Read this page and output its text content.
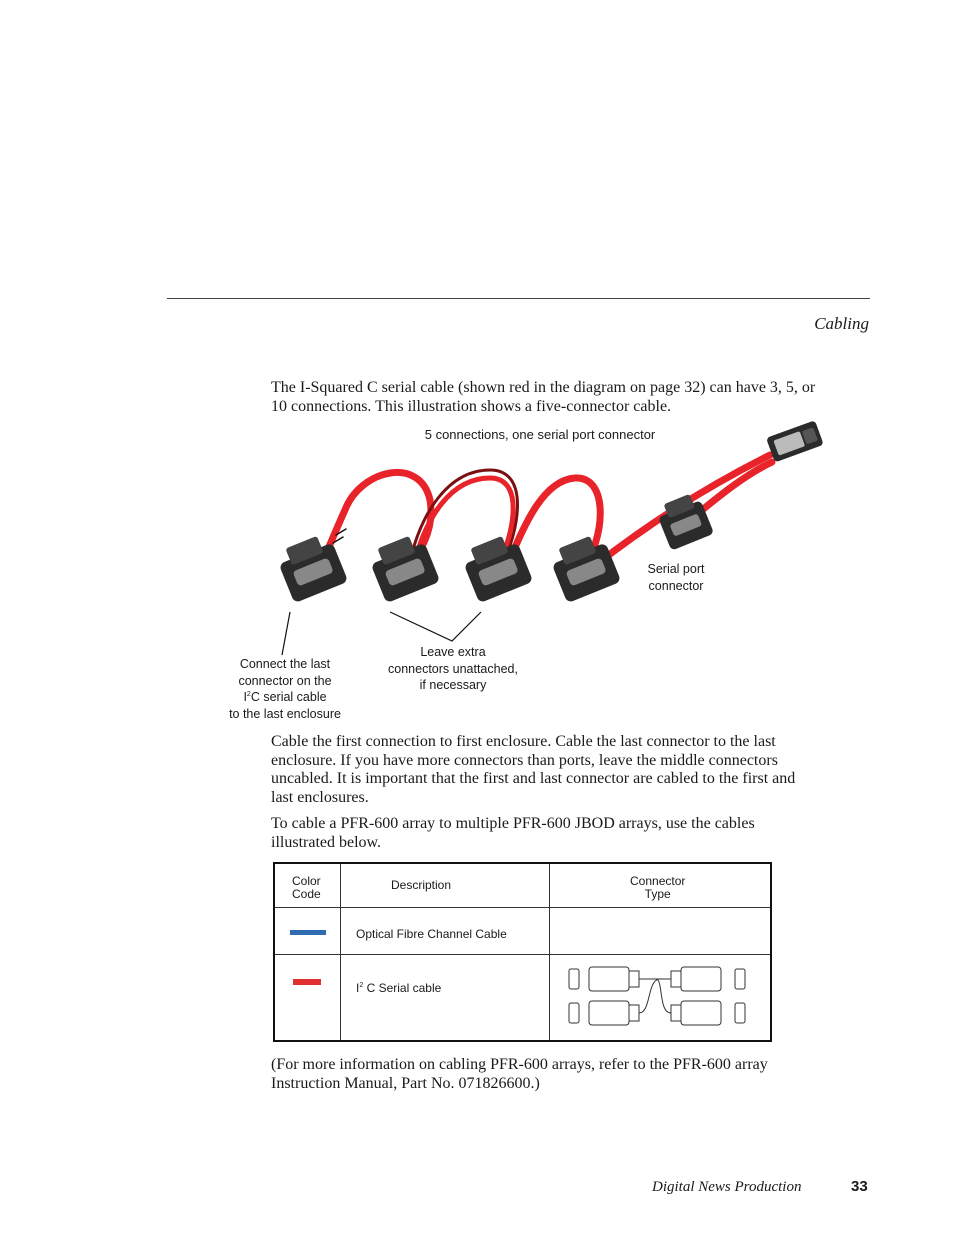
Cabling

The I-Squared C serial cable (shown red in the diagram on page 32) can have 3, 5, or 10 connections. This illustration shows a five-connector cable.

5 connections, one serial port connector
Serial port
connector
Leave extra
connectors unattached,
if necessary
Connect the last
connector on the
$I^2C$ serial cable
to the last enclosure

Cable the first connection to first enclosure. Cable the last connector to the last enclosure. If you have more connectors than ports, leave the middle connectors uncabled. It is important that the first and last connector are cabled to the first and last enclosures.

To cable a PFR-600 array to multiple PFR-600 JBOD arrays, use the cables illustrated below.

Color
Code
Description	Connector
Type
Optical Fibre Channel Cable
$I^2$ C Serial cable

(For more information on cabling PFR-600 arrays, refer to the PFR-600 array Instruction Manual, Part No. 071826600.)

Digital News Production	33
